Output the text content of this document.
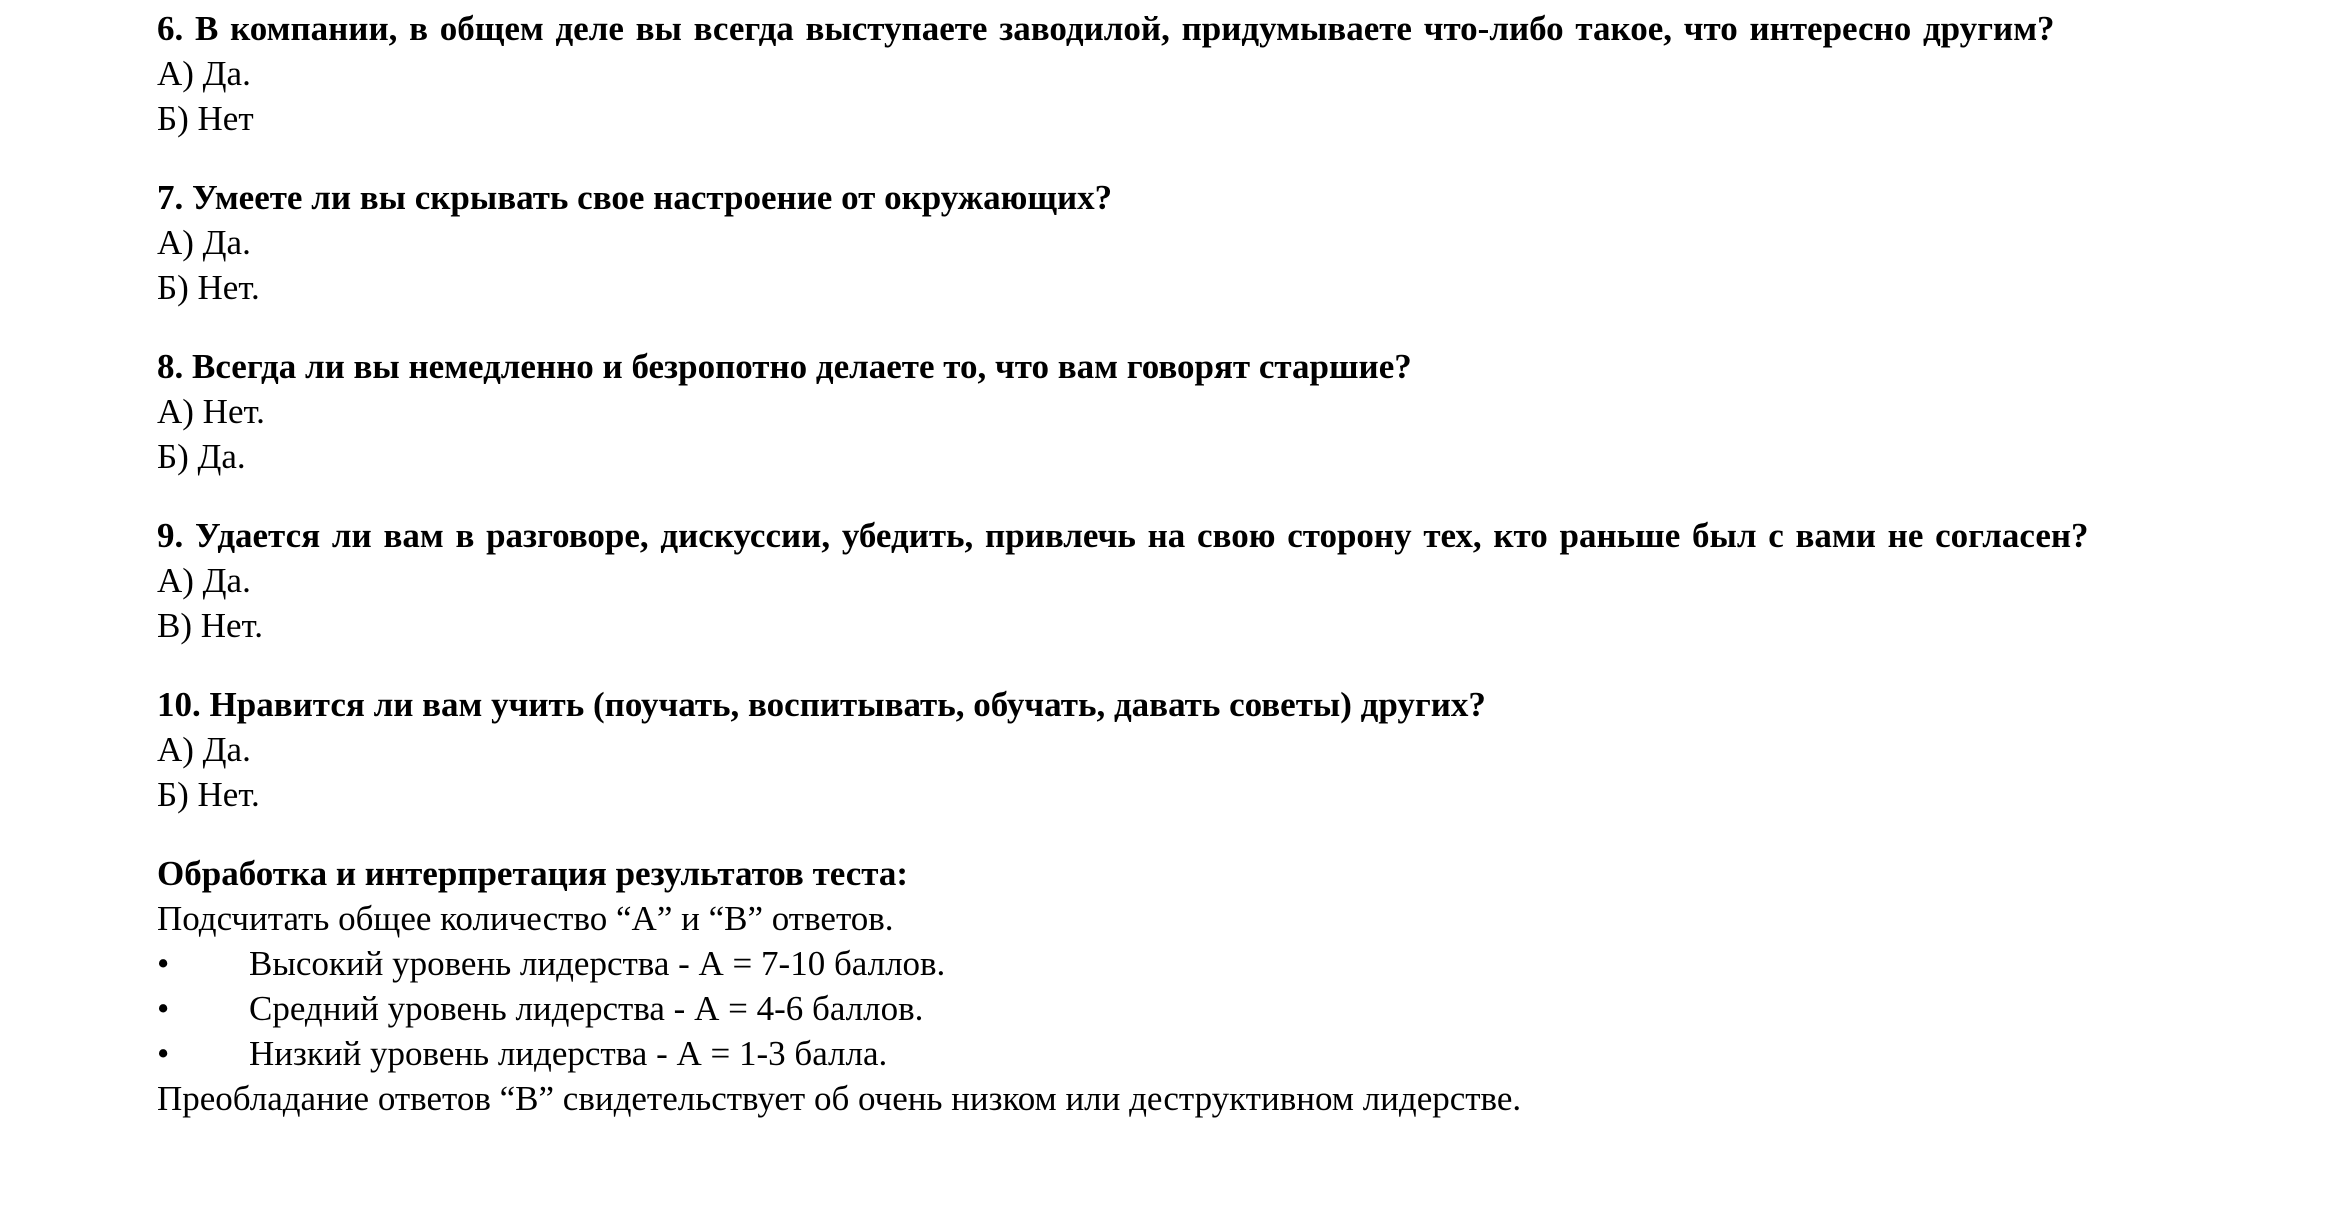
6. В компании, в общем деле вы всегда выступаете заводилой, придумываете что-либо такое, что интересно другим?

А) Да.

Б) Нет

7. Умеете ли вы скрывать свое настроение от окружающих?

А) Да.

Б) Нет.

8. Всегда ли вы немедленно и безропотно делаете то, что вам говорят старшие?

А) Нет.

Б) Да.

9. Удается ли вам в разговоре, дискуссии, убедить, привлечь на свою сторону тех, кто раньше был с вами не согласен?

А) Да.

В) Нет.

10. Нравится ли вам учить (поучать, воспитывать, обучать, давать советы) других?

А) Да.

Б) Нет.

Обработка и интерпретация результатов теста:

Подсчитать общее количество “А” и “В” ответов.

•	Высокий уровень лидерства - А = 7-10 баллов.
•	Средний уровень лидерства - А = 4-6 баллов.
•	Низкий уровень лидерства - А = 1-3 балла.

Преобладание ответов “В” свидетельствует об очень низком или деструктивном лидерстве.
